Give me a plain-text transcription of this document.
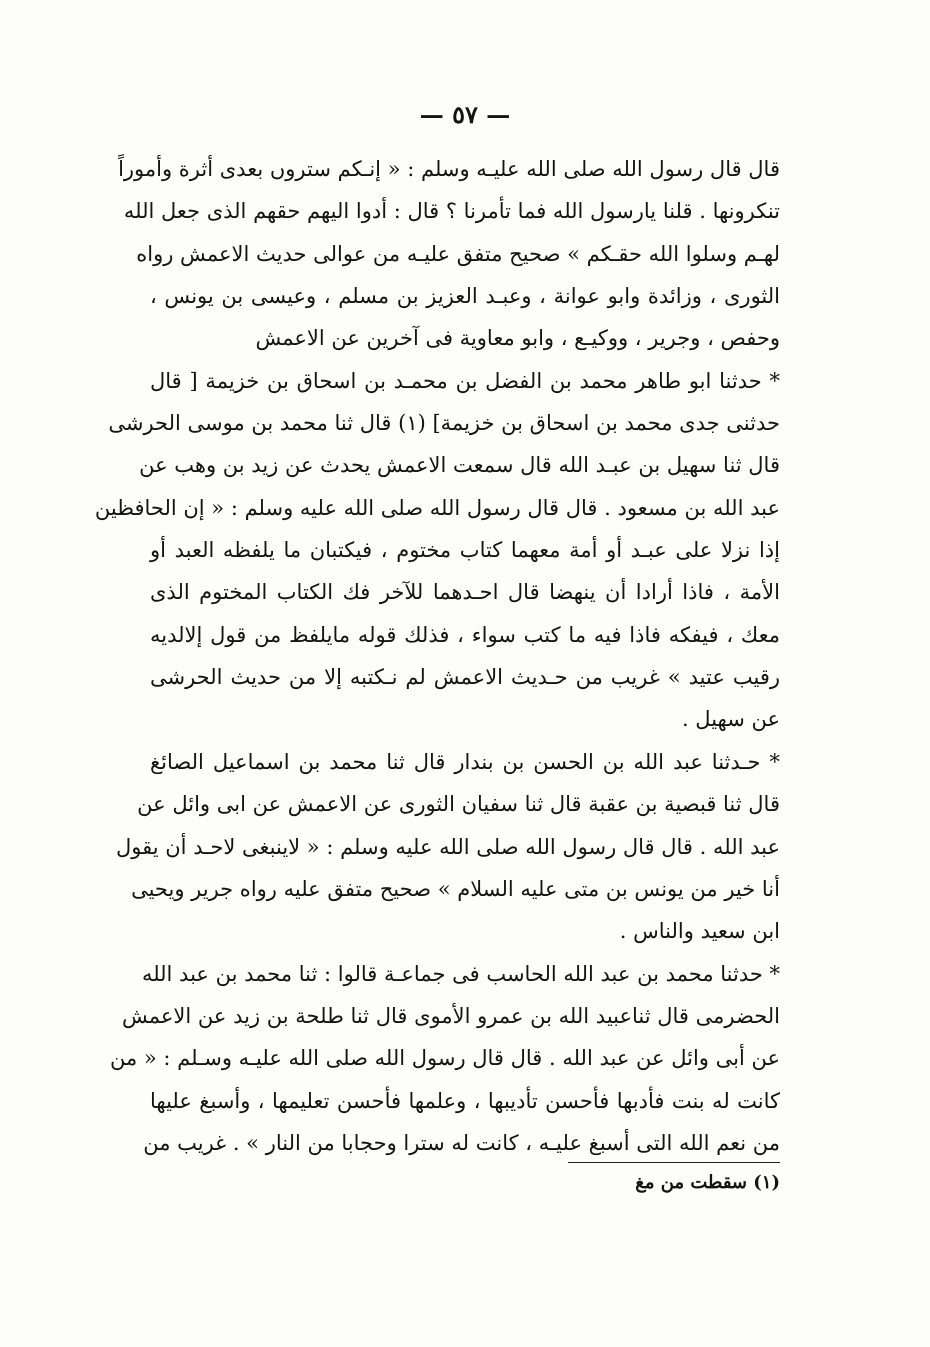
— ٥٧ —
قال قال رسول الله صلى الله عليـه وسلم : « إنـكم ستروں بعدى أثرة وأموراً
تنكرونها . قلنا يارسول الله فما تأمرنا ؟ قال : أدوا اليهم حقهم الذى جعل الله
لهـم وسلوا الله حقـكم » صحيح متفق عليـه من عوالى حديث الاعمش رواه
الثورى ، وزائدة وابو عوانة ، وعبـد العزيز بن مسلم ، وعيسى بن يونس ،
وحفص ، وجرير ، ووكيـع ، وابو معاوية فى آخرين عن الاعمش
* حدثنا ابو طاهر محمد بن الفضل بن محمـد بن اسحاق بن خزيمة [ قال
حدثنى جدى محمد بن اسحاق بن خزيمة] (١) قال ثنا محمد بن موسى الحرشى
قال ثنا سهيل بن عبـد الله قال سمعت الاعمش يحدث عن زيد بن وهب عن
عبد الله بن مسعود . قال قال رسول الله صلى الله عليه وسلم : « إن الحافظين
إذا نزلا على عبـد أو أمة معهما كتاب مختوم ، فيكتبان ما يلفظه العبد أو
الأمة ، فاذا أرادا أن ينهضا قال احـدهما للآخر فك الكتاب المختوم الذى
معك ، فيفكه فاذا فيه ما كتب سواء ، فذلك قوله مايلفظ من قول إلالديه
رقيب عتيد » غريب من حـديث الاعمش لم نـكتبه إلا من حديث الحرشى
عن سهيل .
* حـدثنا عبد الله بن الحسن بن بندار قال ثنا محمد بن اسماعيل الصائغ
قال ثنا قبصية بن عقبة قال ثنا سفيان الثورى عن الاعمش عن ابى وائل عن
عبد الله . قال قال رسول الله صلى الله عليه وسلم : « لاينبغى لاحـد أن يقول
أنا خير من يونس بن متى عليه السلام » صحيح متفق عليه رواه جرير ويحيى
ابن سعيد والناس .
* حدثنا محمد بن عبد الله الحاسب فى جماعـة قالوا : ثنا محمد بن عبد الله
الحضرمى قال ثناعبيد الله بن عمرو الأموى قال ثنا طلحة بن زيد عن الاعمش
عن أبى وائل عن عبد الله . قال قال رسول الله صلى الله عليـه وسـلم : « من
كانت له بنت فأدبها فأحسن تأديبها ، وعلمها فأحسن تعليمها ، وأسبغ عليها
من نعم الله التى أسبغ عليـه ، كانت له سترا وحجابا من النار » . غريب من
(١) سقطت من مغ
